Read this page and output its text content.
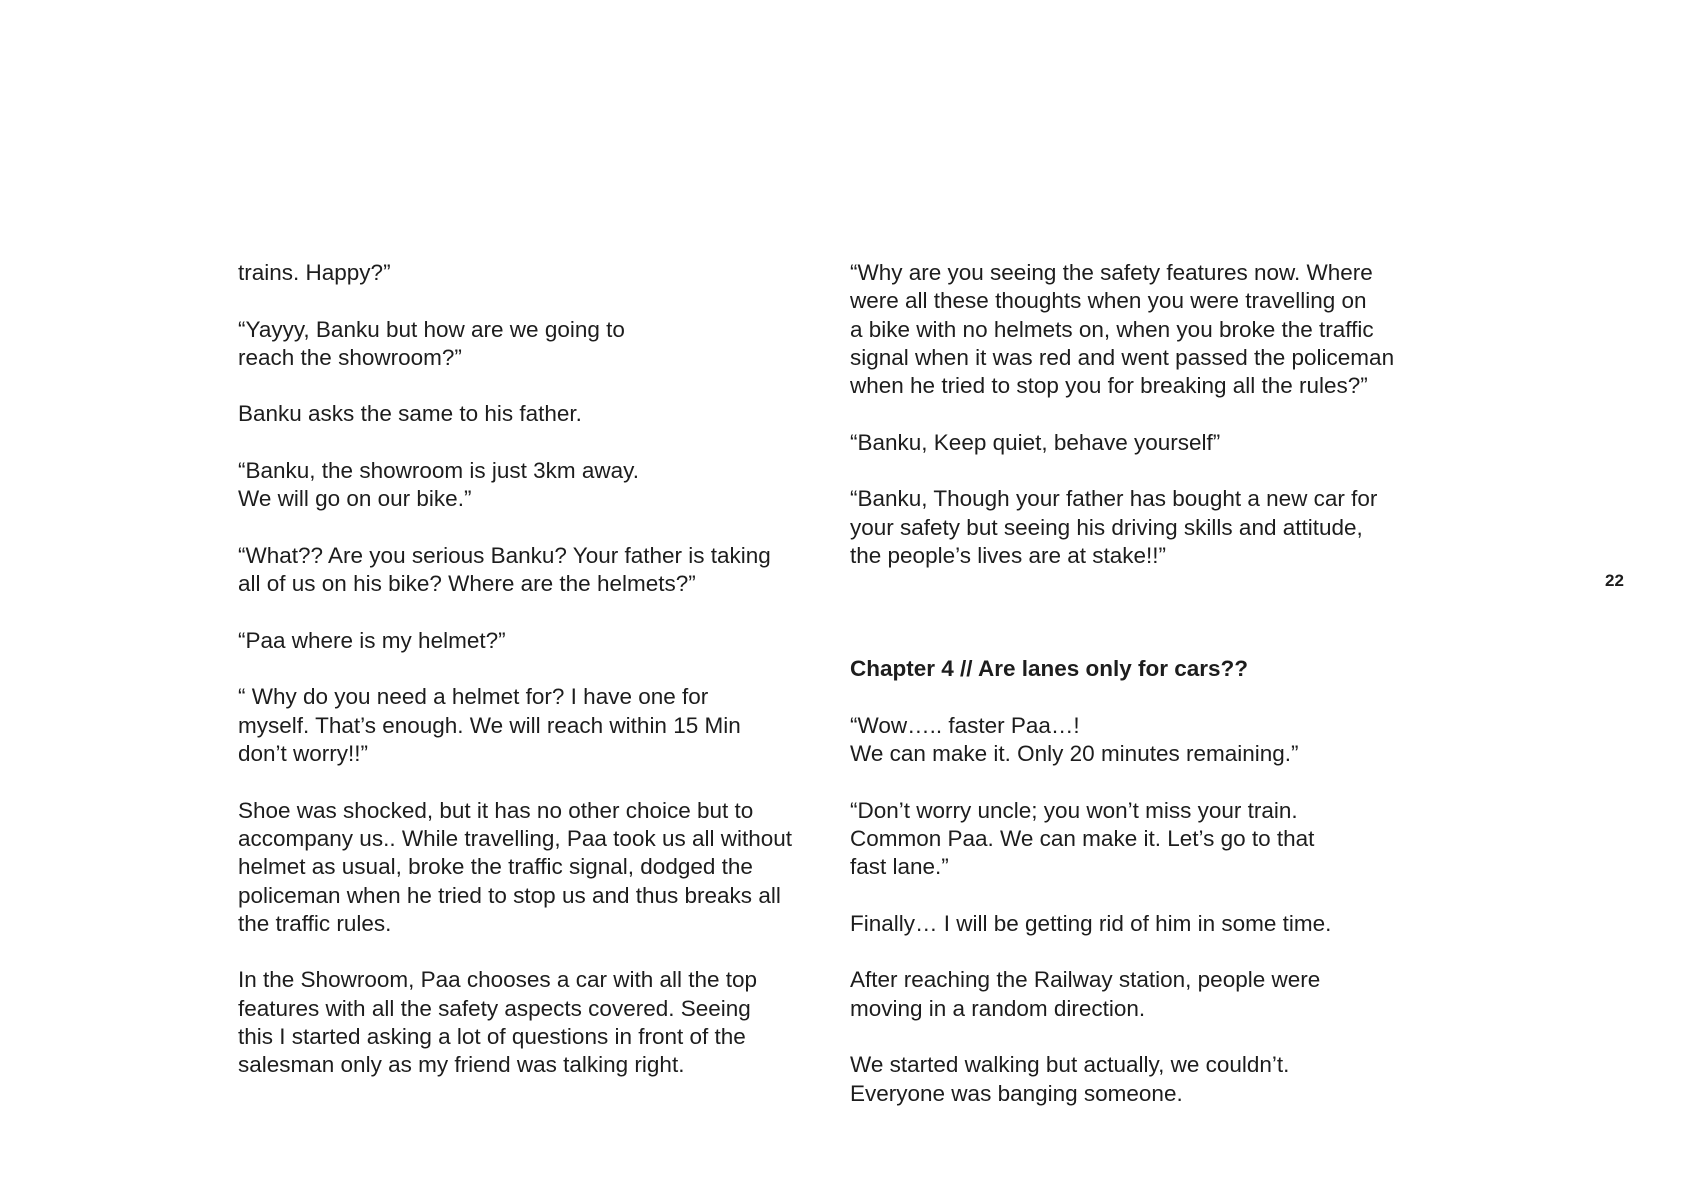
trains. Happy?”

“Yayyy, Banku but how are we going to
reach the showroom?”

Banku asks the same to his father.

“Banku, the showroom is just 3km away.
We will go on our bike.”

“What?? Are you serious Banku? Your father is taking
all of us on his bike? Where are the helmets?”

“Paa where is my helmet?”

“ Why do you need a helmet for? I have one for
myself. That’s enough. We will reach within 15 Min
don’t worry!!”

Shoe was shocked, but it has no other choice but to
accompany us.. While travelling, Paa took us all without
helmet as usual, broke the traffic signal, dodged the
policeman when he tried to stop us and thus breaks all
the traffic rules.

In the Showroom, Paa chooses a car with all the top
features with all the safety aspects covered. Seeing
this I started asking a lot of questions in front of the
salesman only as my friend was talking right.

“Why are you seeing the safety features now. Where
were all these thoughts when you were travelling on
a bike with no helmets on, when you broke the traffic
signal when it was red and went passed the policeman
when he tried to stop you for breaking all the rules?”

“Banku, Keep quiet, behave yourself”

“Banku, Though your father has bought a new car for
your safety but seeing his driving skills and attitude,
the people’s lives are at stake!!”

Chapter 4 // Are lanes only for cars??

“Wow….. faster Paa…!
We can make it. Only 20 minutes remaining.”

“Don’t worry uncle; you won’t miss your train.
Common Paa. We can make it. Let’s go to that
fast lane.”

Finally… I will be getting rid of him in some time.

After reaching the Railway station, people were
moving in a random direction.

We started walking but actually, we couldn’t.
Everyone was banging someone.

22
